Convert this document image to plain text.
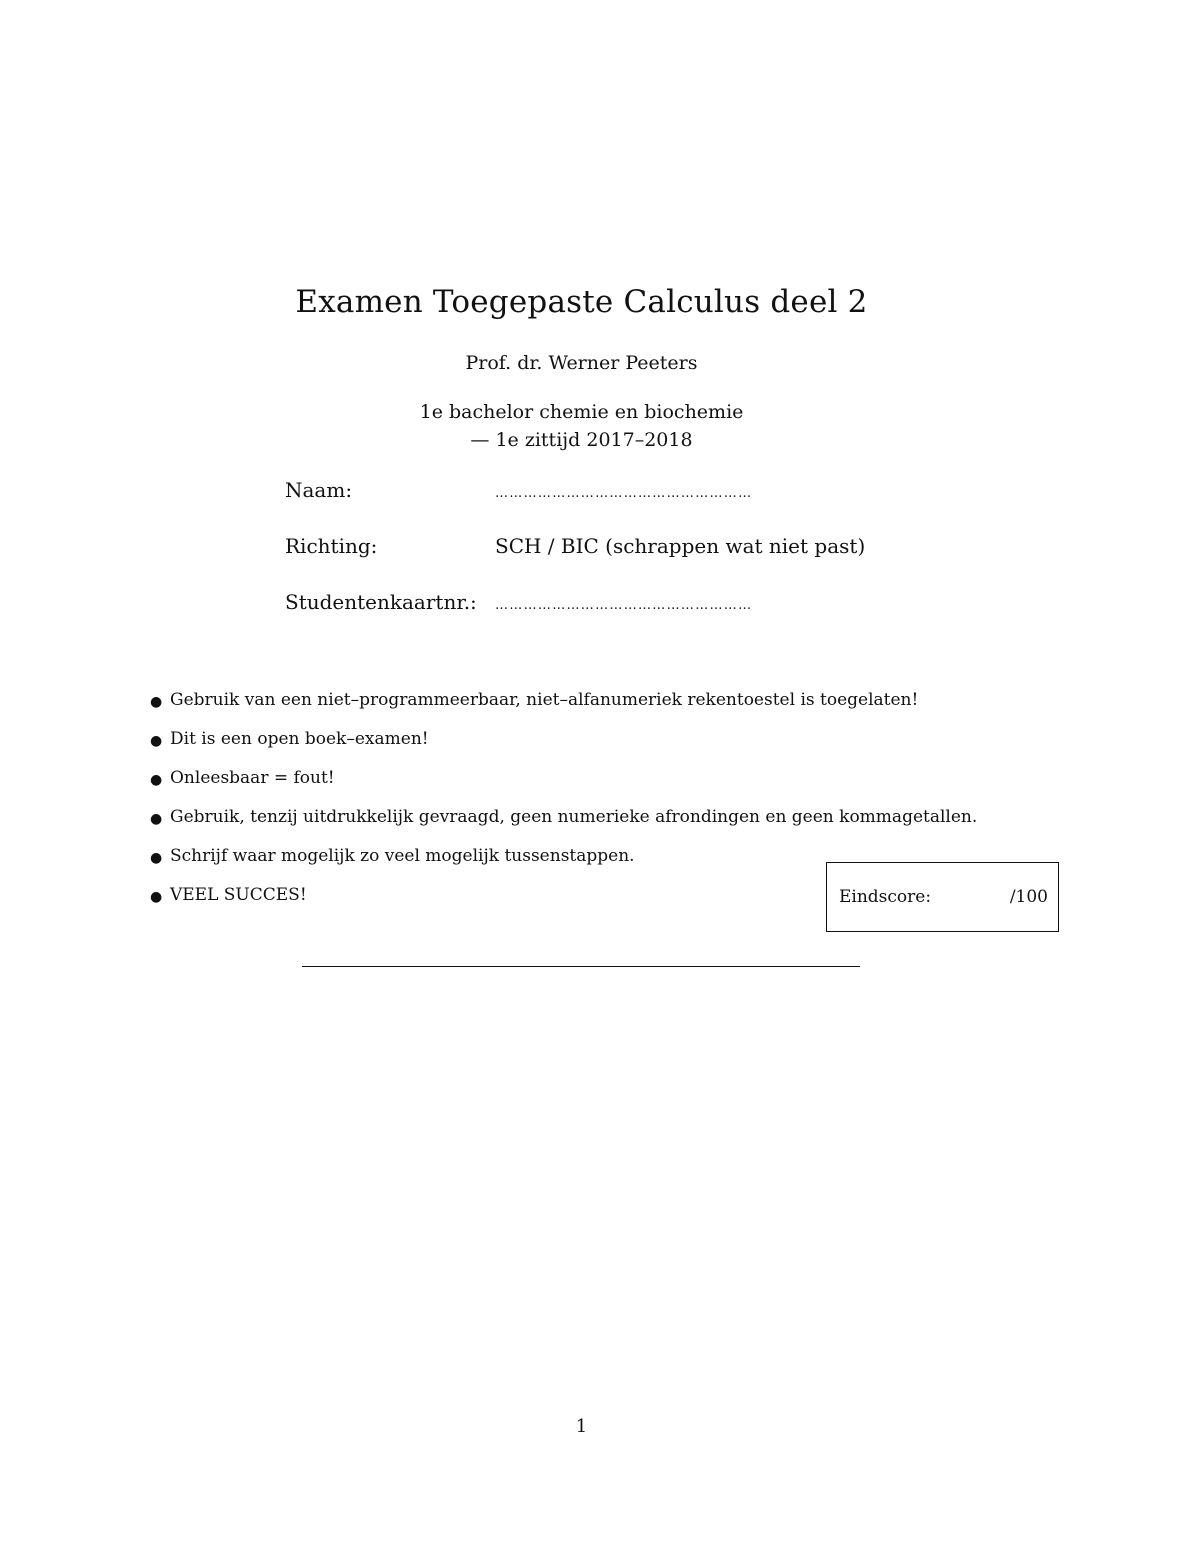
Examen Toegepaste Calculus deel 2
Prof. dr. Werner Peeters
1e bachelor chemie en biochemie
— 1e zittijd 2017–2018
Naam:	………………………………………………
Richting:	SCH / BIC (schrappen wat niet past)
Studentenkaartnr.:	………………………………………………
● Gebruik van een niet–programmeerbaar, niet–alfanumeriek rekentoestel is toegelaten!
● Dit is een open boek–examen!
● Onleesbaar = fout!
● Gebruik, tenzij uitdrukkelijk gevraagd, geen numerieke afrondingen en geen kommagetallen.
● Schrijf waar mogelijk zo veel mogelijk tussenstappen.
● VEEL SUCCES!	Eindscore:	/100
1
